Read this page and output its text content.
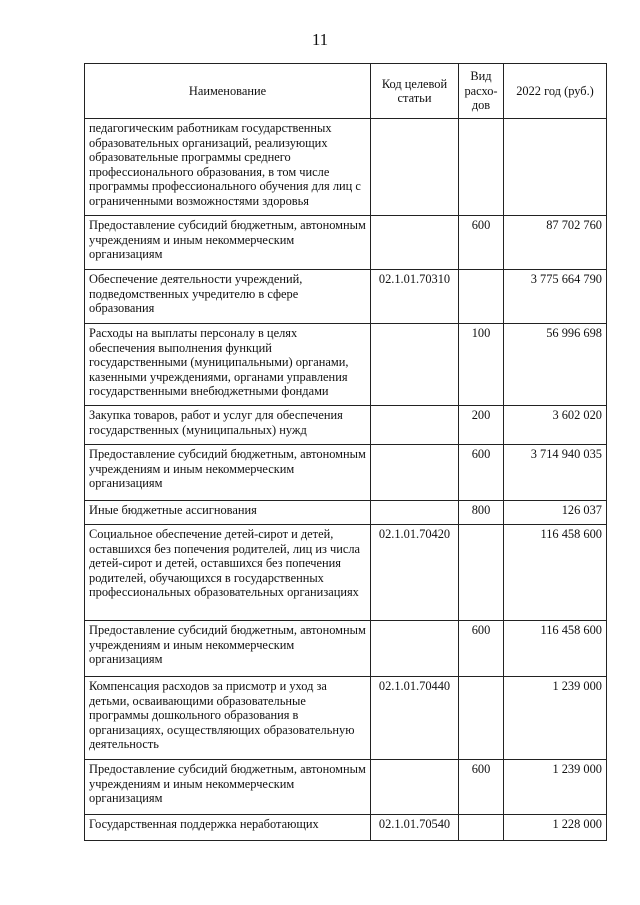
11
Наименование	Код целевой статьи	Вид расхо-дов	2022 год (руб.)
педагогическим работникам государственных образовательных организаций, реализующих образовательные программы среднего профессионального образования, в том числе программы профессионального обучения для лиц с ограниченными возможностями здоровья			
Предоставление субсидий бюджетным, автономным учреждениям и иным некоммерческим организациям		600	87 702 760
Обеспечение деятельности учреждений, подведомственных учредителю в сфере образования	02.1.01.70310		3 775 664 790
Расходы на выплаты персоналу в целях обеспечения выполнения функций государственными (муниципальными) органами, казенными учреждениями, органами управления государственными внебюджетными фондами		100	56 996 698
Закупка товаров, работ и услуг для обеспечения государственных (муниципальных) нужд		200	3 602 020
Предоставление субсидий бюджетным, автономным учреждениям и иным некоммерческим организациям		600	3 714 940 035
Иные бюджетные ассигнования		800	126 037
Социальное обеспечение детей-сирот и детей, оставшихся без попечения родителей, лиц из числа детей-сирот и детей, оставшихся без попечения родителей, обучающихся в государственных профессиональных образовательных организациях	02.1.01.70420		116 458 600
Предоставление субсидий бюджетным, автономным учреждениям и иным некоммерческим организациям		600	116 458 600
Компенсация расходов за присмотр и уход за детьми, осваивающими образовательные программы дошкольного образования в организациях, осуществляющих образовательную деятельность	02.1.01.70440		1 239 000
Предоставление субсидий бюджетным, автономным учреждениям и иным некоммерческим организациям		600	1 239 000
Государственная поддержка неработающих	02.1.01.70540		1 228 000
